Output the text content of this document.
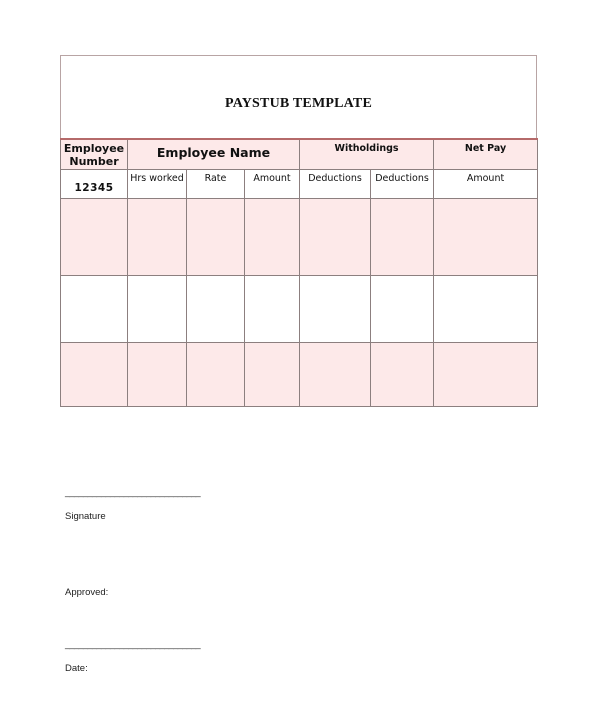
PAYSTUB TEMPLATE
Employee Number	Employee Name			Witholdings		Net Pay

12345	Hrs worked	Rate	Amount	Deductions	Deductions	Amount

______________________________
Signature
Approved:
______________________________
Date:
